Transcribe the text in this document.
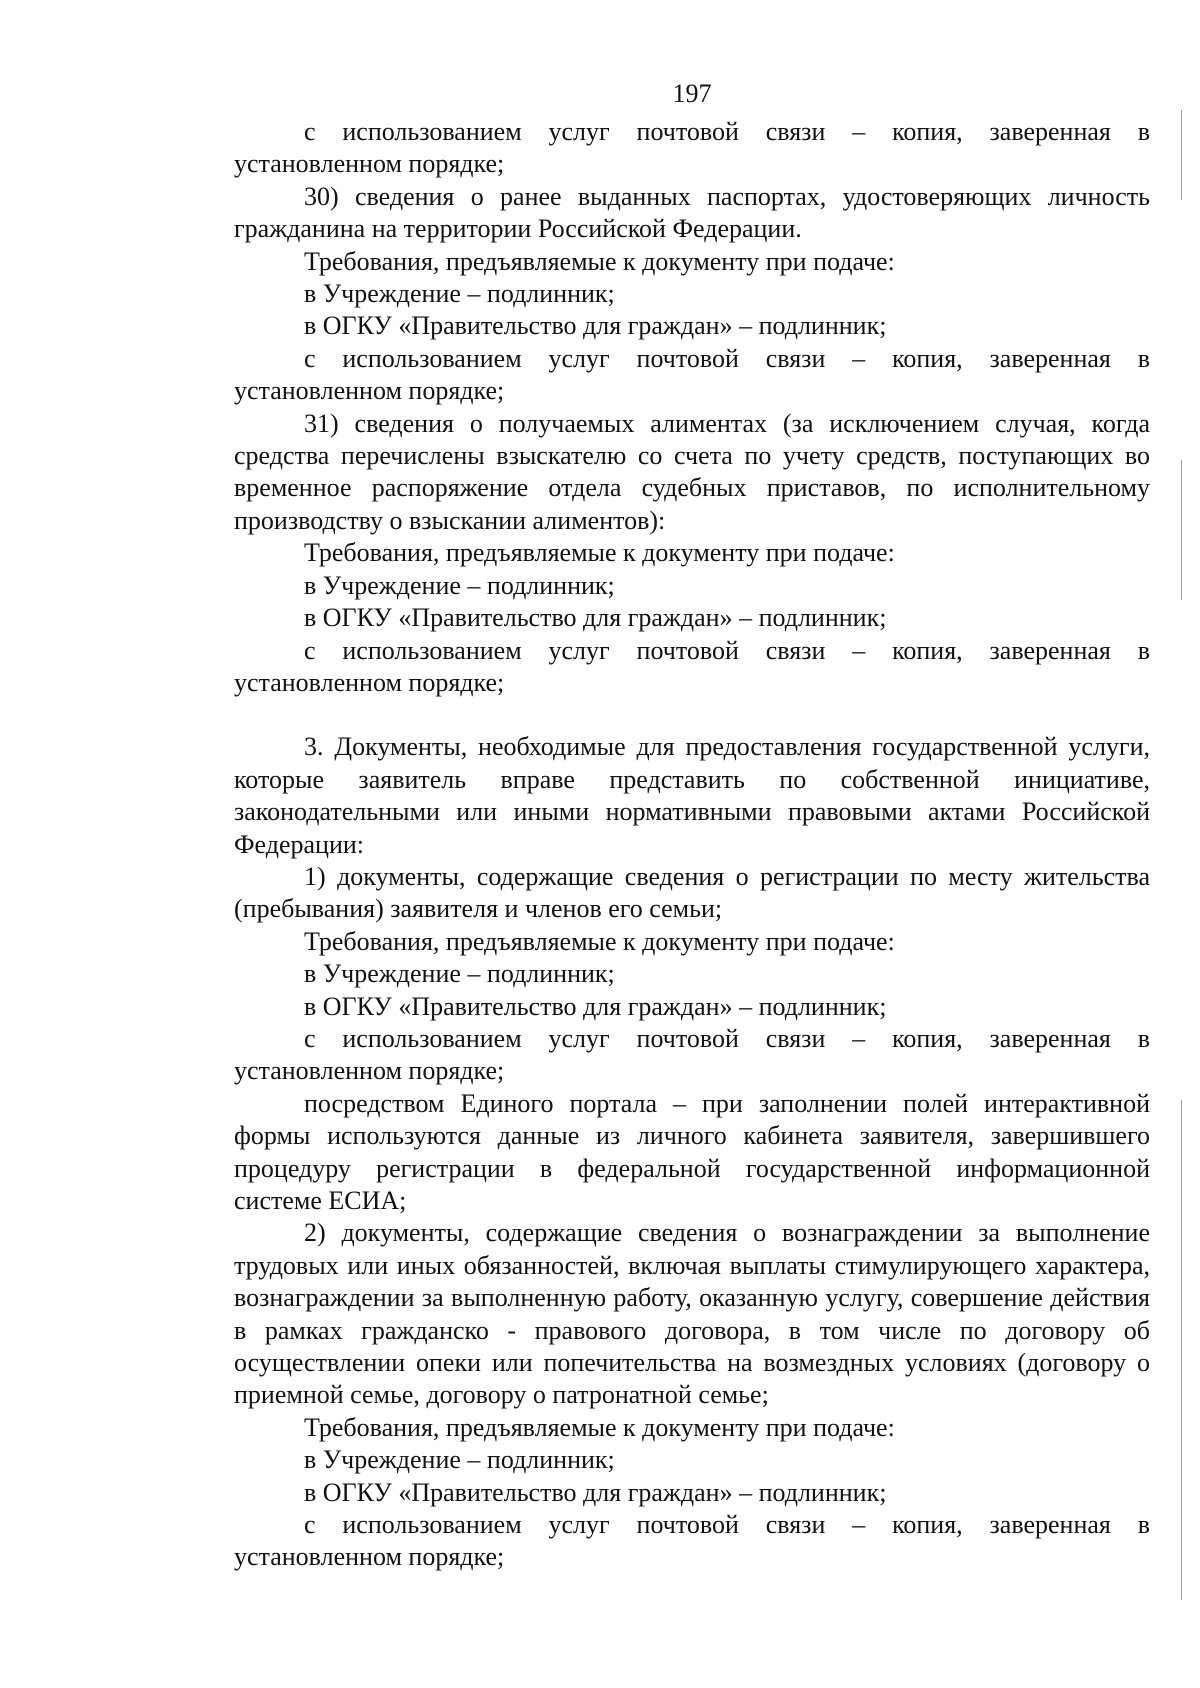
197

с использованием услуг почтовой связи – копия, заверенная в установленном порядке;

30) сведения о ранее выданных паспортах, удостоверяющих личность гражданина на территории Российской Федерации.

Требования, предъявляемые к документу при подаче:

в Учреждение – подлинник;

в ОГКУ «Правительство для граждан» – подлинник;

с использованием услуг почтовой связи – копия, заверенная в установленном порядке;

31) сведения о получаемых алиментах (за исключением случая, когда средства перечислены взыскателю со счета по учету средств, поступающих во временное распоряжение отдела судебных приставов, по исполнительному производству о взыскании алиментов):

Требования, предъявляемые к документу при подаче:

в Учреждение – подлинник;

в ОГКУ «Правительство для граждан» – подлинник;

с использованием услуг почтовой связи – копия, заверенная в установленном порядке;

3. Документы, необходимые для предоставления государственной услуги, которые заявитель вправе представить по собственной инициативе, законодательными или иными нормативными правовыми актами Российской Федерации:

1) документы, содержащие сведения о регистрации по месту жительства (пребывания) заявителя и членов его семьи;

Требования, предъявляемые к документу при подаче:

в Учреждение – подлинник;

в ОГКУ «Правительство для граждан» – подлинник;

с использованием услуг почтовой связи – копия, заверенная в установленном порядке;

посредством Единого портала – при заполнении полей интерактивной формы используются данные из личного кабинета заявителя, завершившего процедуру регистрации в федеральной государственной информационной системе ЕСИА;

2) документы, содержащие сведения о вознаграждении за выполнение трудовых или иных обязанностей, включая выплаты стимулирующего характера, вознаграждении за выполненную работу, оказанную услугу, совершение действия в рамках гражданско - правового договора, в том числе по договору об осуществлении опеки или попечительства на возмездных условиях (договору о приемной семье, договору о патронатной семье;

Требования, предъявляемые к документу при подаче:

в Учреждение – подлинник;

в ОГКУ «Правительство для граждан» – подлинник;

с использованием услуг почтовой связи – копия, заверенная в установленном порядке;
